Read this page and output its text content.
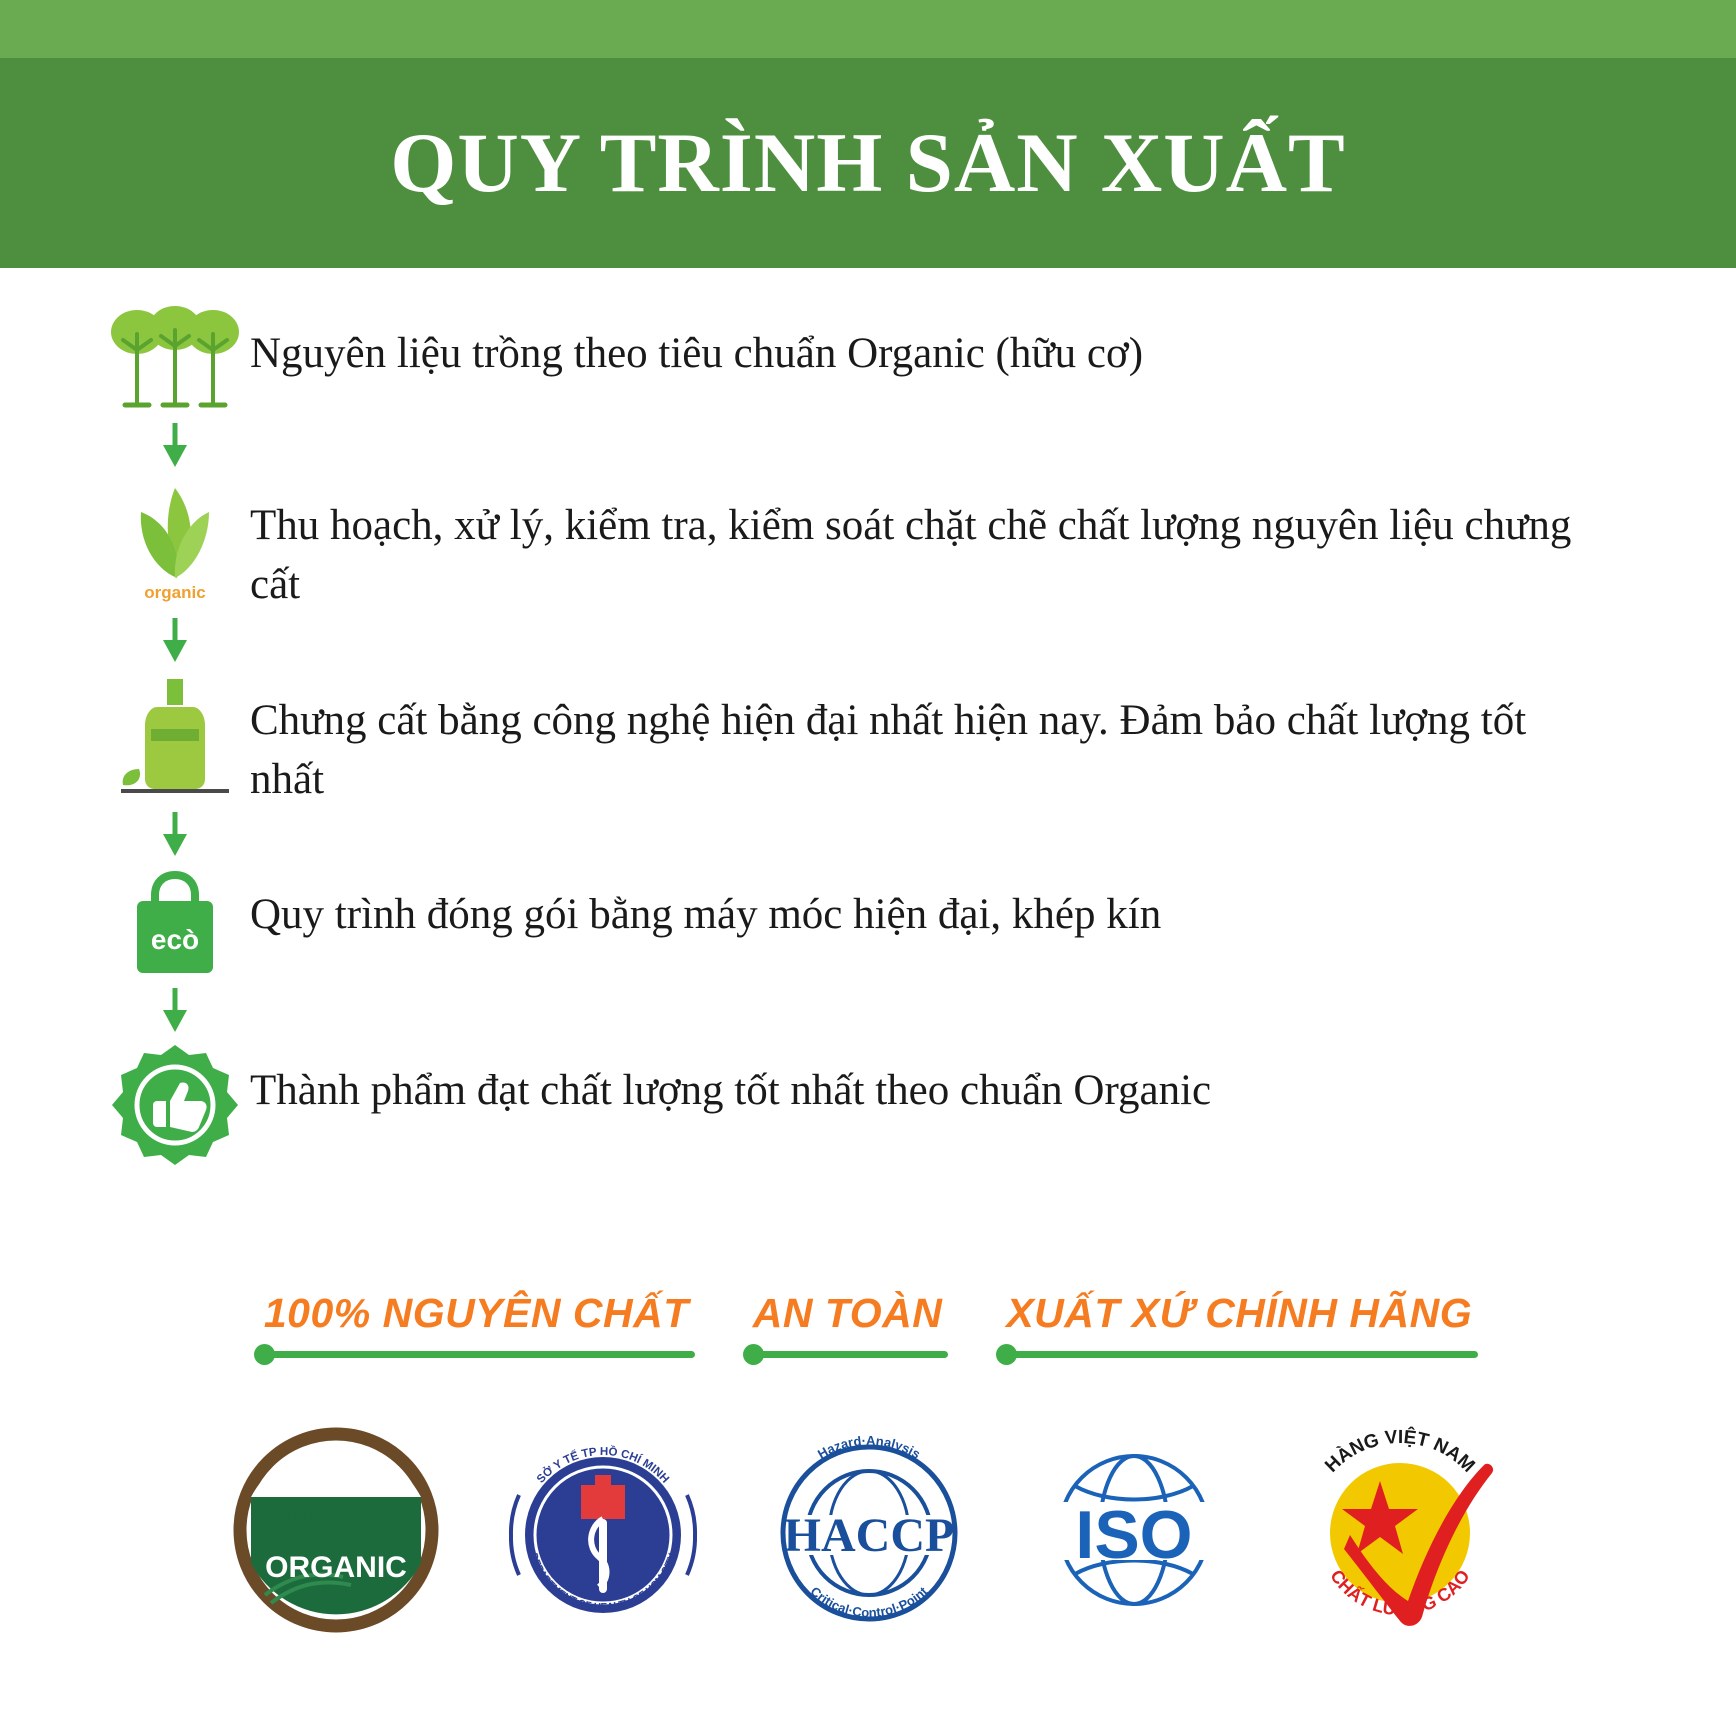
QUY TRÌNH SẢN XUẤT
Nguyên liệu trồng theo tiêu chuẩn Organic (hữu cơ)
organic
Thu hoạch, xử lý, kiểm tra, kiểm soát chặt chẽ chất lượng nguyên liệu chưng cất
Chưng cất bằng công nghệ hiện đại nhất hiện nay. Đảm bảo chất lượng tốt nhất
ecò
Quy trình đóng gói bằng máy móc hiện đại, khép kín
Thành phẩm đạt chất lượng tốt nhất theo chuẩn Organic
100% NGUYÊN CHẤT AN TOÀN XUẤT XỨ CHÍNH HÃNG
USDA
ORGANIC
SỞ Y TẾ TP HỒ CHÍ MINH
DEPARTMENT OF HEALTH OF HCM CITY HACCP
Hazard·Analysis
Critical·Control·Point
ISO
HÀNG VIỆT NAM
CHẤT LƯỢNG CAO
